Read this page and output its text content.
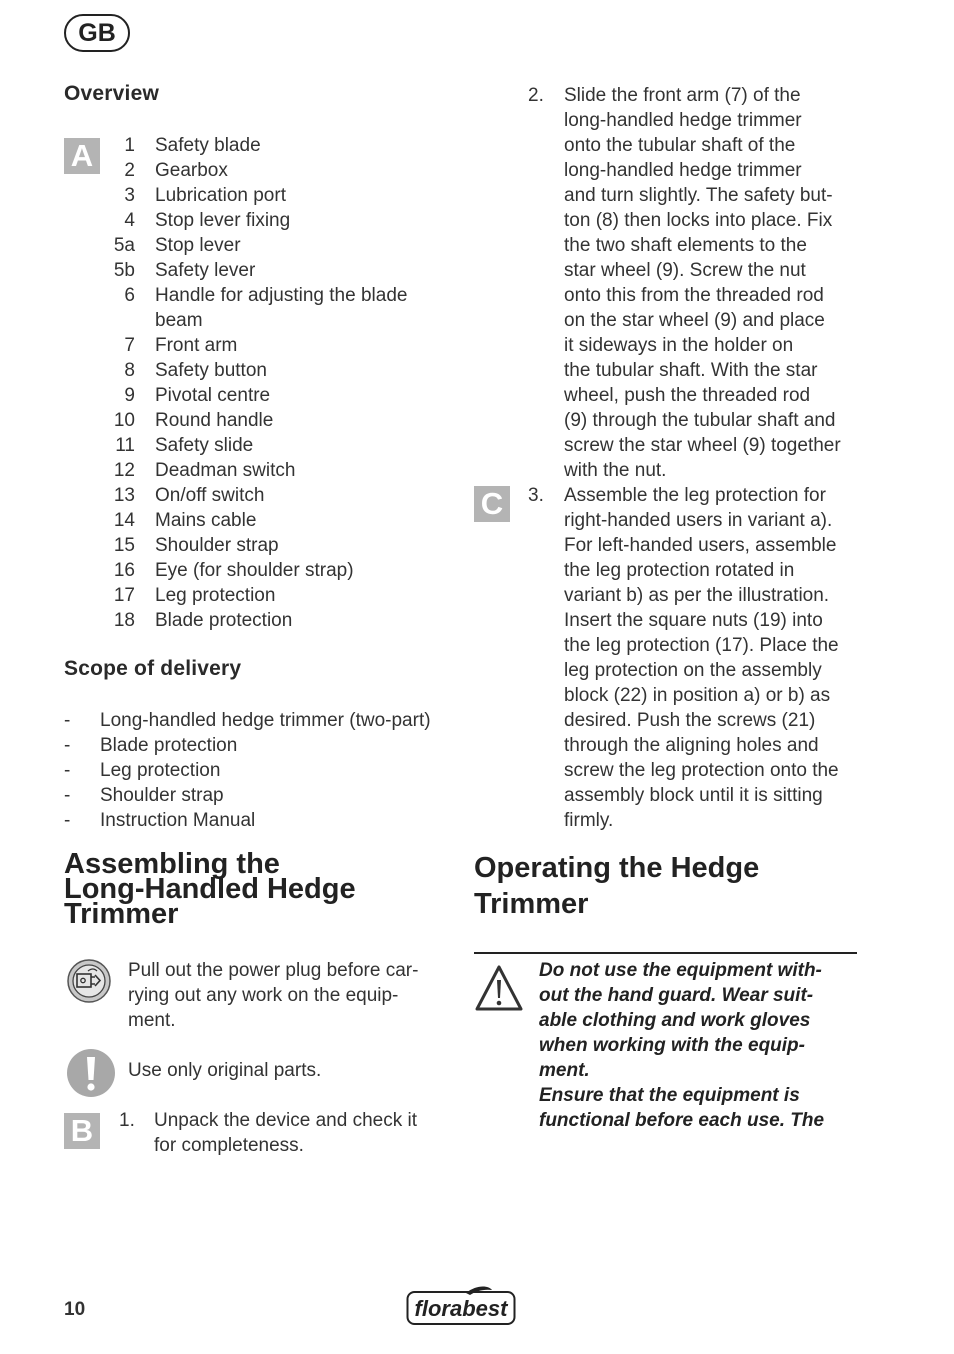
GB
Overview
A	1 Safety blade
2 Gearbox
3 Lubrication port
4 Stop lever fixing
5a Stop lever
5b Safety lever
6 Handle for adjusting the blade
beam
7 Front arm
8 Safety button
9 Pivotal centre
10 Round handle
11 Safety slide
12 Deadman switch
13 On/off switch
14 Mains cable
15 Shoulder strap
16 Eye (for shoulder strap)
17 Leg protection
18 Blade protection
Scope of delivery
- Long-handled hedge trimmer (two-part)
- Blade protection
- Leg protection
- Shoulder strap
- Instruction Manual
Assembling the
Long-Handled Hedge
Trimmer
Pull out the power plug before car-
rying out any work on the equip-
ment.
Use only original parts.
B	1. Unpack the device and check it
for completeness.
2. Slide the front arm (7) of the
long-handled hedge trimmer
onto the tubular shaft of the
long-handled hedge trimmer
and turn slightly. The safety but-
ton (8) then locks into place. Fix
the two shaft elements to the
star wheel (9). Screw the nut
onto this from the threaded rod
on the star wheel (9) and place
it sideways in the holder on
the tubular shaft. With the star
wheel, push the threaded rod
(9) through the tubular shaft and
screw the star wheel (9) together
with the nut.
C	3. Assemble the leg protection for
right-handed users in variant a).
For left-handed users, assemble
the leg protection rotated in
variant b) as per the illustration.
Insert the square nuts (19) into
the leg protection (17). Place the
leg protection on the assembly
block (22) in position a) or b) as
desired. Push the screws (21)
through the aligning holes and
screw the leg protection onto the
assembly block until it is sitting
firmly.
Operating the Hedge
Trimmer
Do not use the equipment with-
out the hand guard. Wear suit-
able clothing and work gloves
when working with the equip-
ment.
Ensure that the equipment is
functional before each use. The
10	florabest
